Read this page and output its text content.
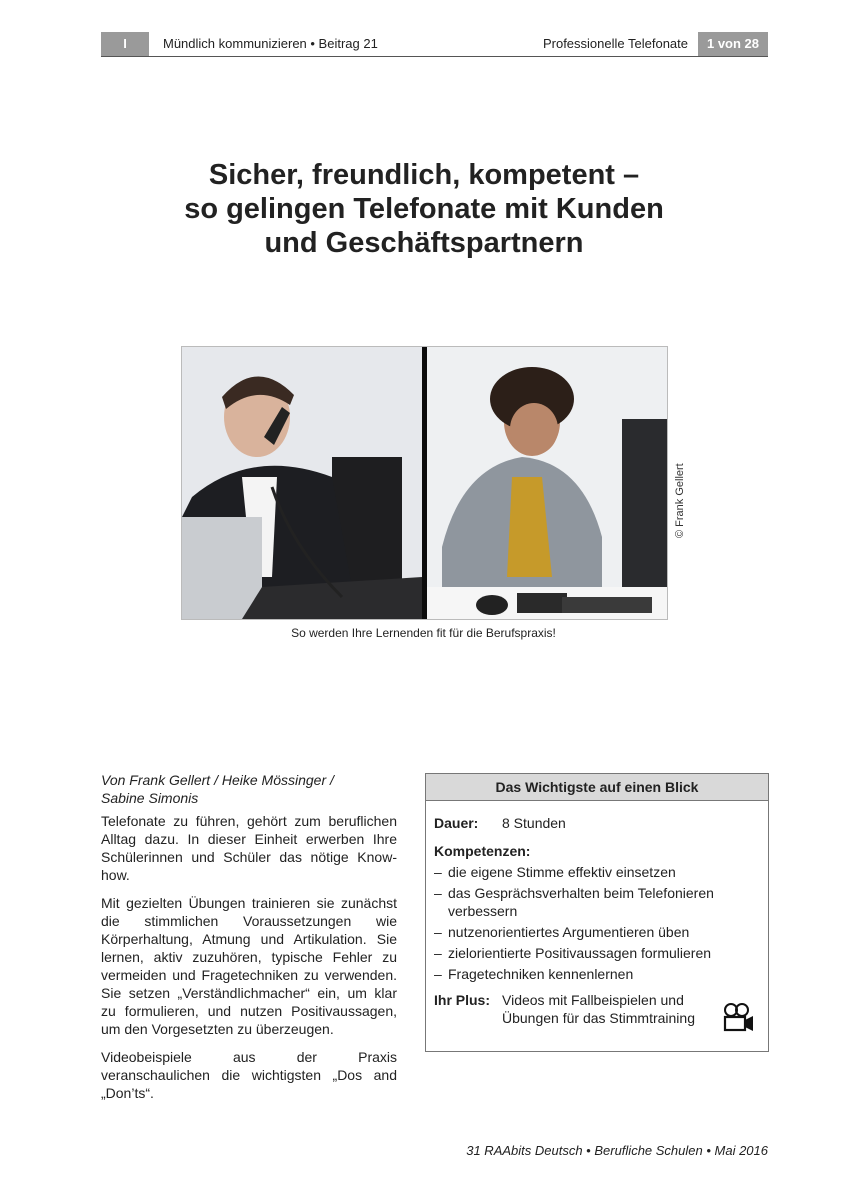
I	Mündlich kommunizieren • Beitrag 21	Professionelle Telefonate	1 von 28
Sicher, freundlich, kompetent –
so gelingen Telefonate mit Kunden
und Geschäftspartnern
© Frank Gellert
So werden Ihre Lernenden fit für die Berufspraxis!
Von Frank Gellert / Heike Mössinger /
Sabine Simonis

Telefonate zu führen, gehört zum beruflichen Alltag dazu. In dieser Einheit erwerben Ihre Schülerinnen und Schüler das nötige Know-how.

Mit gezielten Übungen trainieren sie zunächst die stimmlichen Voraussetzungen wie Körperhaltung, Atmung und Artikulation. Sie lernen, aktiv zuzuhören, typische Fehler zu vermeiden und Fragetechniken zu verwenden. Sie setzen „Verständlichmacher“ ein, um klar zu formulieren, und nutzen Positivaussagen, um den Vorgesetzten zu überzeugen.

Videobeispiele aus der Praxis veranschaulichen die wichtigsten „Dos and „Don’ts“.

Das Wichtigste auf einen Blick
Dauer:	8 Stunden
Kompetenzen:
– die eigene Stimme effektiv einsetzen
– das Gesprächsverhalten beim Telefonieren verbessern
– nutzenorientiertes Argumentieren üben
– zielorientierte Positivaussagen formulieren
– Fragetechniken kennenlernen
Ihr Plus: Videos mit Fallbeispielen und Übungen für das Stimmtraining
31 RAAbits Deutsch • Berufliche Schulen • Mai 2016
